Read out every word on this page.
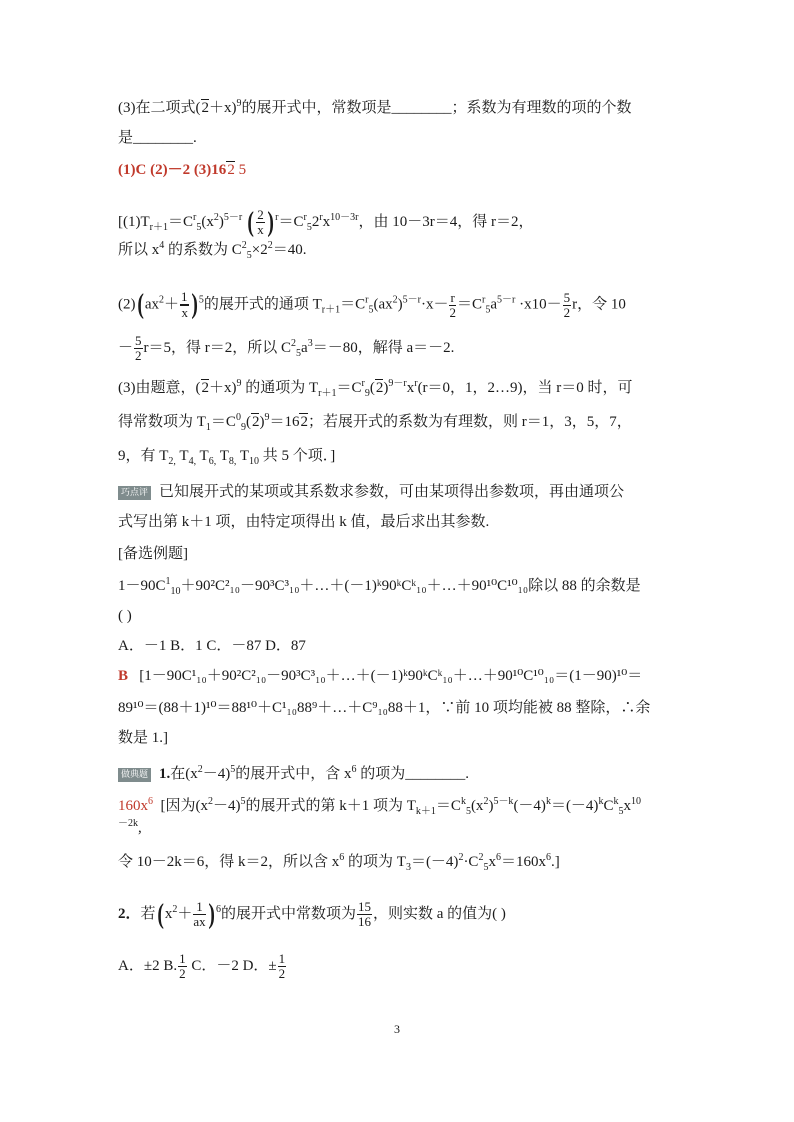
(3)在二项式$(2+x)^9$的展开式中，常数项是________；系数为有理数的项的个数
是________.
(1)C (2)－2 (3)162 5
[$(1)T_{r+1}=C^r_5(x^2)^{5-r}$ ( $\frac{2}{x} )^r=C^r_52^rx^{10-3r}$，由 10－3r＝4，得 r＝2，
所以 $x^4$ 的系数为 $C^2_5\times 2^2=40$.
$(2)(ax^2+ \frac{1}{x} )^5$的展开式的通项 $T_{r+1}=C^r_5(ax^2)^{5-r}\cdot x- \frac{r}{2} =C^r_5a^{5-r} \cdot x10- \frac{5}{2}$ r，令 10
－ $\frac{5}{2} r=5$，得 r＝2，所以 $C^2_5a^3=-80$，解得 a＝－2.
(3)由题意，$(2+x)^9$ 的通项为 $T_{r+1}=C^r_9(2)^{9-r}x^r(r=0$，1，2…9)，当 r＝0 时，可
得常数项为 $T_1=C^0_9(2)^9=162$；若展开式的系数为有理数，则 r＝1，3，5，7，
9，有 $T_{2,}$ $T_{4,}$ $T_{6,}$ $T_{8,}$ $T_{10}$ 共 5 个项．]
巧点评 已知展开式的某项或其系数求参数，可由某项得出参数项，再由通项公
式写出第 k＋1 项，由特定项得出 k 值，最后求出其参数.
[备选例题]
$1-90C^1_{10}+90^2C^2_{10}-90^3C^3_{10}+\dots+(-1)ᵏ90ᵏCᵏ_{10}+\dots+90^{10}C^{10}_{10}$除以 88 的余数是
( )
A．－1 B．1 C．－87 D．87
B [1－90C¹₁₀＋90²C²₁₀－90³C³₁₀＋…＋(－1)ᵏ90ᵏCᵏ₁₀＋…＋90¹⁰C¹⁰₁₀＝(1－90)¹⁰＝
89¹⁰＝(88＋1)¹⁰＝88¹⁰＋C¹₁₀88⁹＋…＋C⁹₁₀88＋1，∵前 10 项均能被 88 整除，∴余
数是 1.]
做典题 1.在$(x^2-4)^5$的展开式中，含 $x^6$ 的项为________.
$160x^6$ [因为$(x^2-4)^5$的展开式的第 k＋1 项为 $T_{k+1}=C^k_5(x^2)^{5-k}(-4)^k=(-4)^kC^k_5x^{10}$
$^{-2k}$,
令 10－2k＝6，得 k＝2，所以含 $x^6$ 的项为 $T_3=(-4)^2\cdot C^2_5x^6=160x^6$.]
2．若$(x^2+ \frac{1}{ax} )^6$的展开式中常数项为 $\frac{15}{16}$ ，则实数 a 的值为( )
A．±2 B. $\frac{1}{2}$ C．－2 D．± $\frac{1}{2}$
3
